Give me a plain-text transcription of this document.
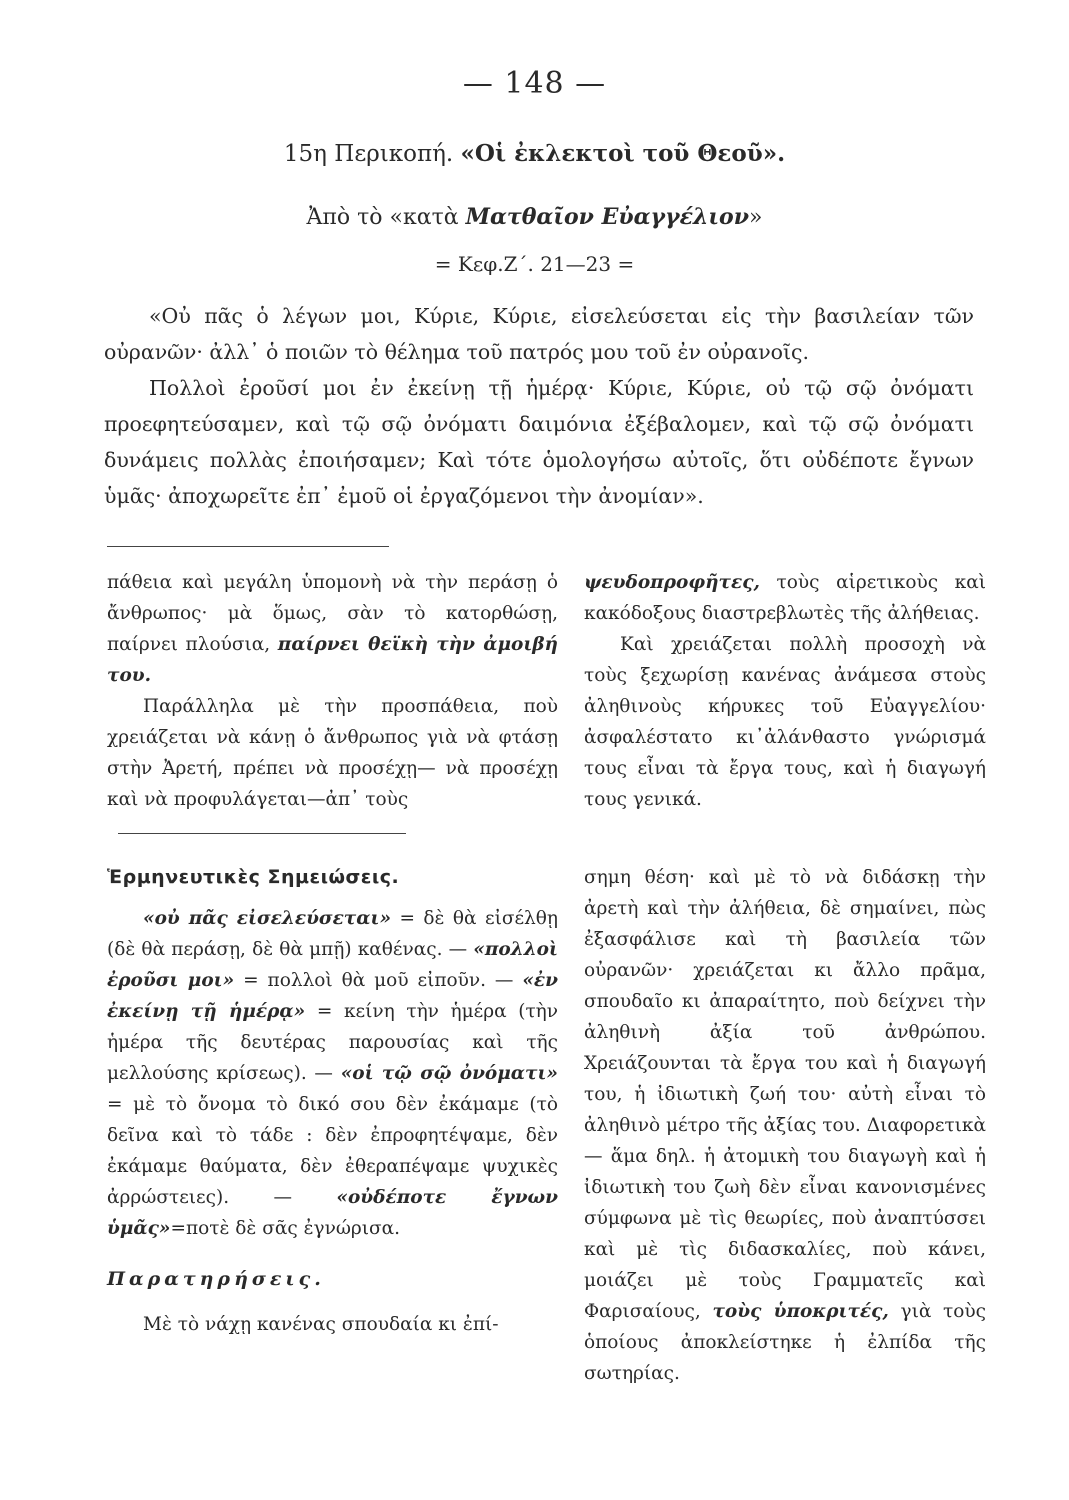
— 148 —
15η Περικοπή. «Οἱ ἐκλεκτοὶ τοῦ Θεοῦ».
Ἀπὸ τὸ «κατὰ Ματθαῖον Εὐαγγέλιον»
= Κεφ.Ζ΄. 21—23 =

«Οὐ πᾶς ὁ λέγων μοι, Κύριε, Κύριε, εἰσελεύσεται εἰς τὴν βασιλείαν τῶν οὐρανῶν· ἀλλ᾽ ὁ ποιῶν τὸ θέλημα τοῦ πατρός μου τοῦ ἐν οὐρανοῖς.

Πολλοὶ ἐροῦσί μοι ἐν ἐκείνῃ τῇ ἡμέρᾳ· Κύριε, Κύριε, οὐ τῷ σῷ ὀνόματι προεφητεύσαμεν, καὶ τῷ σῷ ὀνόματι δαιμόνια ἐξέβαλομεν, καὶ τῷ σῷ ὀνόματι δυνάμεις πολλὰς ἐποιήσαμεν; Καὶ τότε ὁμολογήσω αὐτοῖς, ὅτι οὐδέποτε ἔγνων ὑμᾶς· ἀποχωρεῖτε ἐπ᾽ ἐμοῦ οἱ ἐργαζόμενοι τὴν ἀνομίαν».

πάθεια καὶ μεγάλη ὑπομονὴ νὰ τὴν περάσῃ ὁ ἄνθρωπος· μὰ ὅμως, σὰν τὸ κατορθώσῃ, παίρνει πλούσια, παίρνει θεϊκὴ τὴν ἀμοιβή του.

Παράλληλα μὲ τὴν προσπάθεια, ποὺ χρειάζεται νὰ κάνῃ ὁ ἄνθρωπος γιὰ νὰ φτάσῃ στὴν Ἀρετή, πρέπει νὰ προσέχῃ— νὰ προσέχῃ καὶ νὰ προφυλάγεται—ἀπ᾽ τοὺς

ψευδοπροφῆτες, τοὺς αἱρετικοὺς καὶ κακόδοξους διαστρεβλωτὲς τῆς ἀλήθειας.

Καὶ χρειάζεται πολλὴ προσοχὴ νὰ τοὺς ξεχωρίσῃ κανένας ἀνάμεσα στοὺς ἀληθινοὺς κήρυκες τοῦ Εὐαγγελίου· ἀσφαλέστατο κι᾽ἀλάνθαστο γνώρισμά τους εἶναι τὰ ἔργα τους, καὶ ἡ διαγωγή τους γενικά.

Ἑρμηνευτικὲς Σημειώσεις.

«οὐ πᾶς εἰσελεύσεται» = δὲ θὰ εἰσέλθῃ (δὲ θὰ περάσῃ, δὲ θὰ μπῇ) καθένας. — «πολλοὶ ἐροῦσι μοι» = πολλοὶ θὰ μοῦ εἰποῦν. — «ἐν ἐκείνῃ τῇ ἡμέρᾳ» = κείνη τὴν ἡμέρα (τὴν ἡμέρα τῆς δευτέρας παρουσίας καὶ τῆς μελλούσης κρίσεως). — «οἱ τῷ σῷ ὀνόματι» = μὲ τὸ ὄνομα τὸ δικό σου δὲν ἐκάμαμε (τὸ δεῖνα καὶ τὸ τάδε : δὲν ἐπροφητέψαμε, δὲν ἐκάμαμε θαύματα, δὲν ἐθεραπέψαμε ψυχικὲς ἀρρώστειες). — «οὐδέποτε ἔγνων ὑμᾶς»=ποτὲ δὲ σᾶς ἐγνώρισα.

Παρατηρήσεις.

Μὲ τὸ νάχῃ κανένας σπουδαία κι ἐπί-

σημη θέση· καὶ μὲ τὸ νὰ διδάσκῃ τὴν ἀρετὴ καὶ τὴν ἀλήθεια, δὲ σημαίνει, πὼς ἐξασφάλισε καὶ τὴ βασιλεία τῶν οὐρανῶν· χρειάζεται κι ἄλλο πρᾶμα, σπουδαῖο κι ἀπαραίτητο, ποὺ δείχνει τὴν ἀληθινὴ ἀξία τοῦ ἀνθρώπου. Χρειάζουνται τὰ ἔργα του καὶ ἡ διαγωγή του, ἡ ἰδιωτικὴ ζωή του· αὐτὴ εἶναι τὸ ἀληθινὸ μέτρο τῆς ἀξίας του. Διαφορετικὰ — ἅμα δηλ. ἡ ἀτομικὴ του διαγωγὴ καὶ ἡ ἰδιωτικὴ του ζωὴ δὲν εἶναι κανονισμένες σύμφωνα μὲ τὶς θεωρίες, ποὺ ἀναπτύσσει καὶ μὲ τὶς διδασκαλίες, ποὺ κάνει, μοιάζει μὲ τοὺς Γραμματεῖς καὶ Φαρισαίους, τοὺς ὑποκριτές, γιὰ τοὺς ὁποίους ἀποκλείστηκε ἡ ἐλπίδα τῆς σωτηρίας.
